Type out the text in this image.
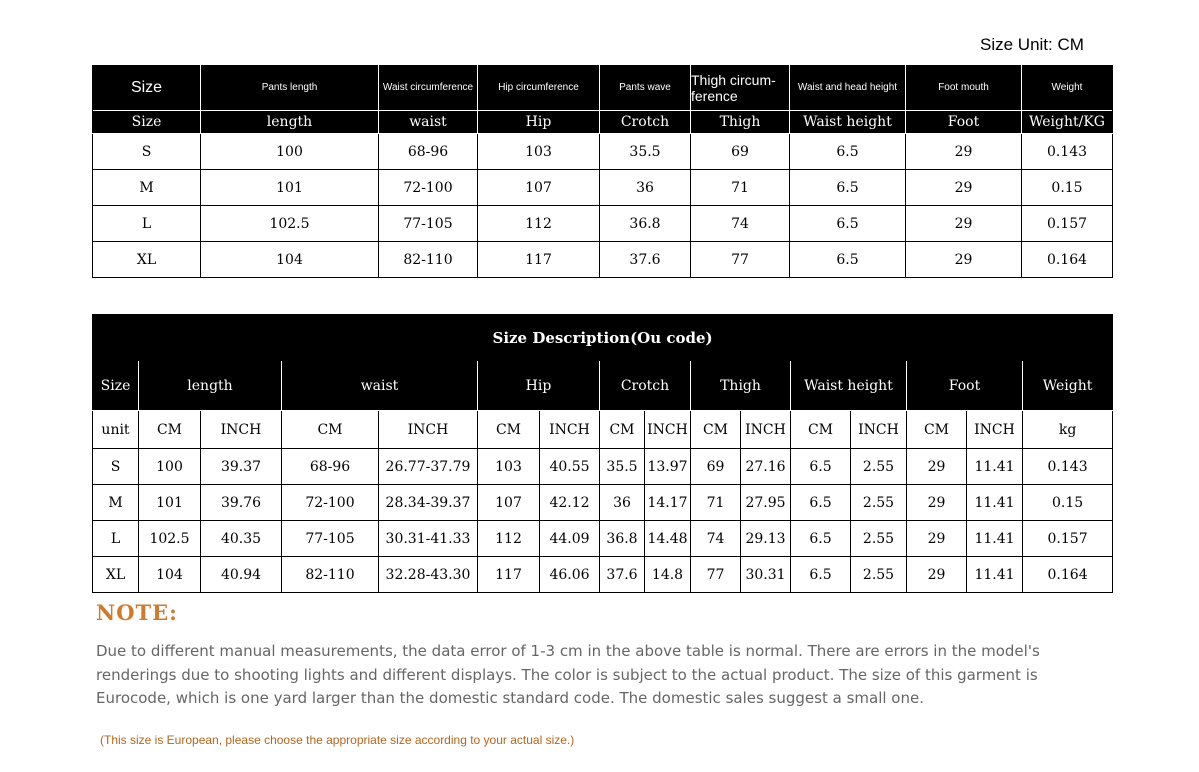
Size Unit: CM
Size	Pants length	Waist circumference	Hip circumference	Pants wave	Thigh circum-ference	Waist and head height	Foot mouth	Weight
Size	length	waist	Hip	Crotch	Thigh	Waist height	Foot	Weight/KG
S	100	68-96	103	35.5	69	6.5	29	0.143
M	101	72-100	107	36	71	6.5	29	0.15
L	102.5	77-105	112	36.8	74	6.5	29	0.157
XL	104	82-110	117	37.6	77	6.5	29	0.164
Size Description(Ou code)															
Size	length		waist		Hip		Crotch		Thigh		Waist height		Foot		Weight
unit	CM	INCH	CM	INCH	CM	INCH	CM	INCH	CM	INCH	CM	INCH	CM	INCH	kg
S	100	39.37	68-96	26.77-37.79	103	40.55	35.5	13.97	69	27.16	6.5	2.55	29	11.41	0.143
M	101	39.76	72-100	28.34-39.37	107	42.12	36	14.17	71	27.95	6.5	2.55	29	11.41	0.15
L	102.5	40.35	77-105	30.31-41.33	112	44.09	36.8	14.48	74	29.13	6.5	2.55	29	11.41	0.157
XL	104	40.94	82-110	32.28-43.30	117	46.06	37.6	14.8	77	30.31	6.5	2.55	29	11.41	0.164
NOTE:
Due to different manual measurements, the data error of 1-3 cm in the above table is normal. There are errors in the model's renderings due to shooting lights and different displays. The color is subject to the actual product. The size of this garment is Eurocode, which is one yard larger than the domestic standard code. The domestic sales suggest a small one.
(This size is European, please choose the appropriate size according to your actual size.)
